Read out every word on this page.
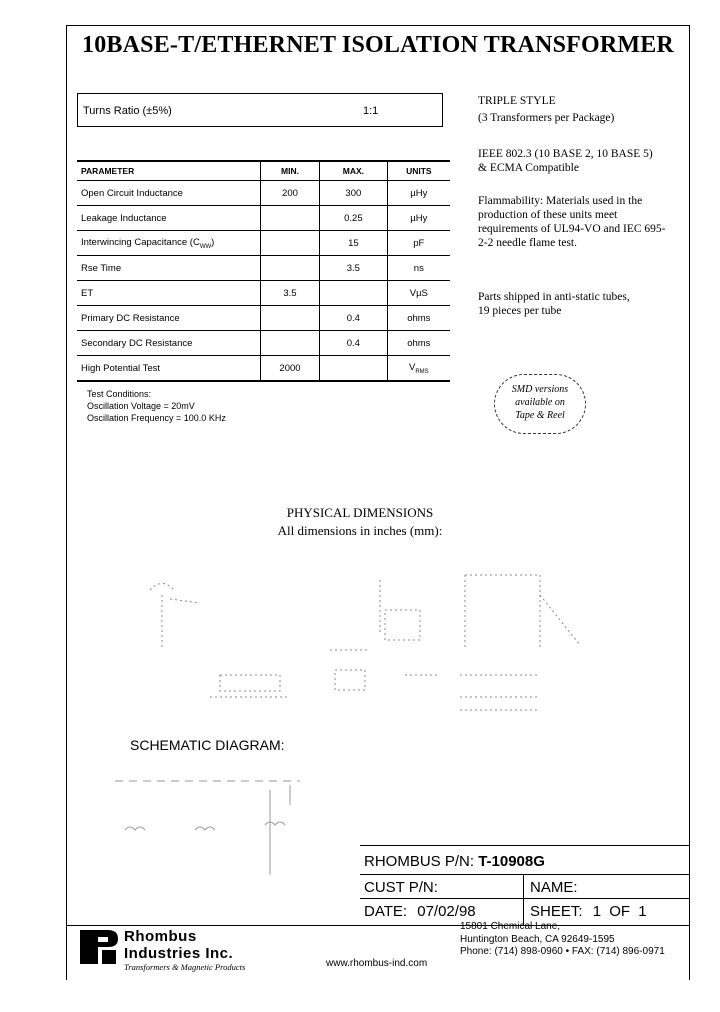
10BASE-T/ETHERNET ISOLATION TRANSFORMER
Turns Ratio (±5%)	1:1
PARAMETER	MIN.	MAX.	UNITS
Open Circuit Inductance	200	300	µHy
Leakage Inductance		0.25	µHy
Interwincing Capacitance $(C_{WW})$		15	pF
Rse Time		3.5	ns
ET	3.5		VµS
Primary DC Resistance		0.4	ohms
Secondary DC Resistance		0.4	ohms
High Potential Test	2000		$V_{RMS}$
Test Conditions:
Oscillation Voltage = 20mV
Oscillation Frequency = 100.0 KHz
TRIPLE STYLE
(3 Transformers per Package)
IEEE 802.3 (10 BASE 2, 10 BASE 5)
& ECMA Compatible
Flammability: Materials used in the production of these units meet requirements of UL94-VO and IEC 695-2-2 needle flame test.
Parts shipped in anti-static tubes, 19 pieces per tube
SMD versions
available on
Tape & Reel
PHYSICAL DIMENSIONS
All dimensions in inches (mm):
SCHEMATIC DIAGRAM:
RHOMBUS P/N: T-10908G
CUST P/N:	NAME:
DATE: 07/02/98	SHEET: 1 OF 1
Rhombus
Industries Inc.
Transformers & Magnetic Products	www.rhombus-ind.com
15801 Chemical Lane,
Huntington Beach, CA 92649-1595
Phone: (714) 898-0960 • FAX: (714) 896-0971
